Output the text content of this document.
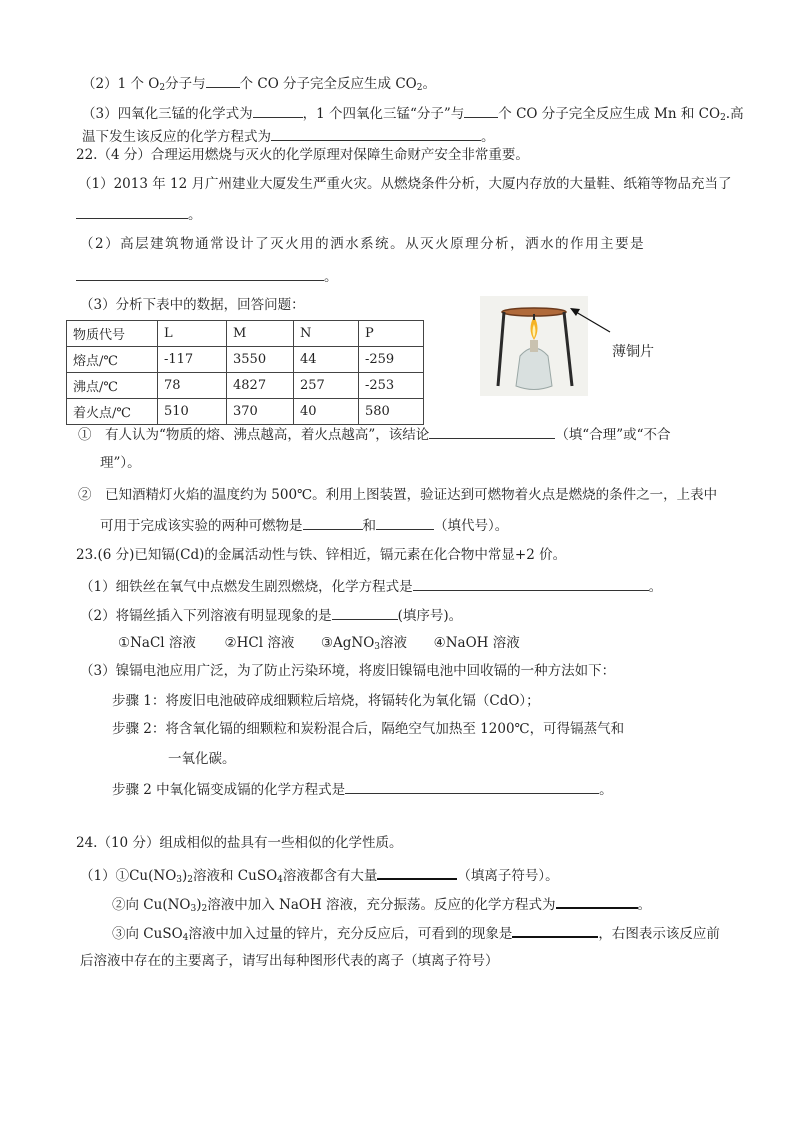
（2）1 个 $O_2$分子与	个 CO 分子完全反应生成 $CO_2$。
（3）四氧化三锰的化学式为	，1 个四氧化三锰“分子”与	个 CO 分子完全反应生成 Mn 和 $CO_2$.高
温下发生该反应的化学方程式为	。
22.（4 分）合理运用燃烧与灭火的化学原理对保障生命财产安全非常重要。
（1）2013 年 12 月广州建业大厦发生严重火灾。从燃烧条件分析，大厦内存放的大量鞋、纸箱等物品充当了
。
（2）高层建筑物通常设计了灭火用的洒水系统。从灭火原理分析，洒水的作用主要是
。
（3）分析下表中的数据，回答问题：
物质代号	L	M	N	P
熔点/℃	-117	3550	44	-259
沸点/℃	78	4827	257	-253
着火点/℃	510	370	40	580
薄铜片
①　有人认为“物质的熔、沸点越高，着火点越高”，该结论	（填“合理”或“不合
理”）。
②　已知酒精灯火焰的温度约为 500℃。利用上图装置，验证达到可燃物着火点是燃烧的条件之一，上表中
可用于完成该实验的两种可燃物是	和	（填代号）。
23.(6 分)已知镉(Cd)的金属活动性与铁、锌相近，镉元素在化合物中常显+2 价。
（1）细铁丝在氧气中点燃发生剧烈燃烧，化学方程式是	。
（2）将镉丝插入下列溶液有明显现象的是	(填序号)。
①NaCl 溶液 ②HCl 溶液 ③AgNO$_3$溶液 ④NaOH 溶液
（3）镍镉电池应用广泛，为了防止污染环境，将废旧镍镉电池中回收镉的一种方法如下：
步骤 1：将废旧电池破碎成细颗粒后培烧，将镉转化为氧化镉（CdO）；
步骤 2：将含氧化镉的细颗粒和炭粉混合后，隔绝空气加热至 1200℃，可得镉蒸气和
一氧化碳。
步骤 2 中氧化镉变成镉的化学方程式是	。
24.（10 分）组成相似的盐具有一些相似的化学性质。
$(1)①Cu(NO_3)_2$溶液和 CuSO$_4$溶液都含有大量	（填离子符号）。
②向 $Cu(NO_3)_2$溶液中加入 NaOH 溶液，充分振荡。反应的化学方程式为	。
③向 CuSO$_4$溶液中加入过量的锌片，充分反应后，可看到的现象是	，右图表示该反应前
后溶液中存在的主要离子，请写出每种图形代表的离子（填离子符号）
